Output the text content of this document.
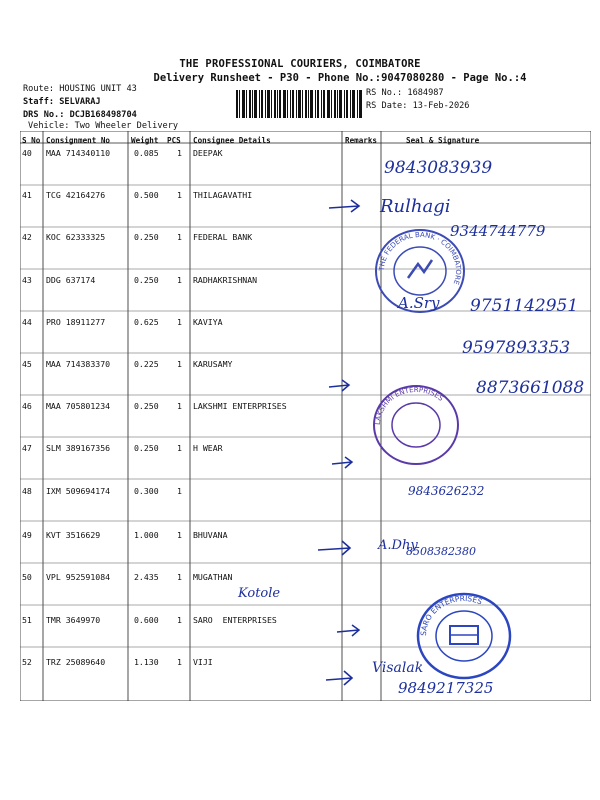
THE PROFESSIONAL COURIERS, COIMBATORE
Delivery Runsheet - P30 - Phone No.:9047080280 - Page No.:4
Route: HOUSING UNIT 43
Staff: SELVARAJ
DRS No.: DCJB168498704
Vehicle: Two Wheeler Delivery
RS No.: 1684987
RS Date: 13-Feb-2026
S No Consignment No	Weight PCS Consignee Details	Remarks	Seal & Signature
40 MAA 714340110	0.085 1 DEEPAK
41 TCG 42164276	0.500 1 THILAGAVATHI
42 KOC 62333325	0.250 1 FEDERAL BANK
43 DDG 637174	0.250 1 RADHAKRISHNAN
44 PRO 18911277	0.625 1 KAVIYA
45 MAA 714383370	0.225 1 KARUSAMY
46 MAA 705801234	0.250 1 LAKSHMI ENTERPRISES
47 SLM 389167356	0.250 1 H WEAR
48 IXM 509694174	0.300 1
49 KVT 3516629	1.000 1 BHUVANA
50 VPL 952591084	2.435 1 MUGATHAN
51 TMR 3649970	0.600 1 SARO  ENTERPRISES
52 TRZ 25089640	1.130 1 VIJI
THE FEDERAL BANK · COIMBATORE
LAKSHMI ENTERPRISES
SARO ENTERPRISES
9843083939
Rulhagi
9344744779
A.Sry 9751142951
9597893353
8873661088
9843626232
A.Dhy
8508382380
Kotole
Visalak
9849217325
